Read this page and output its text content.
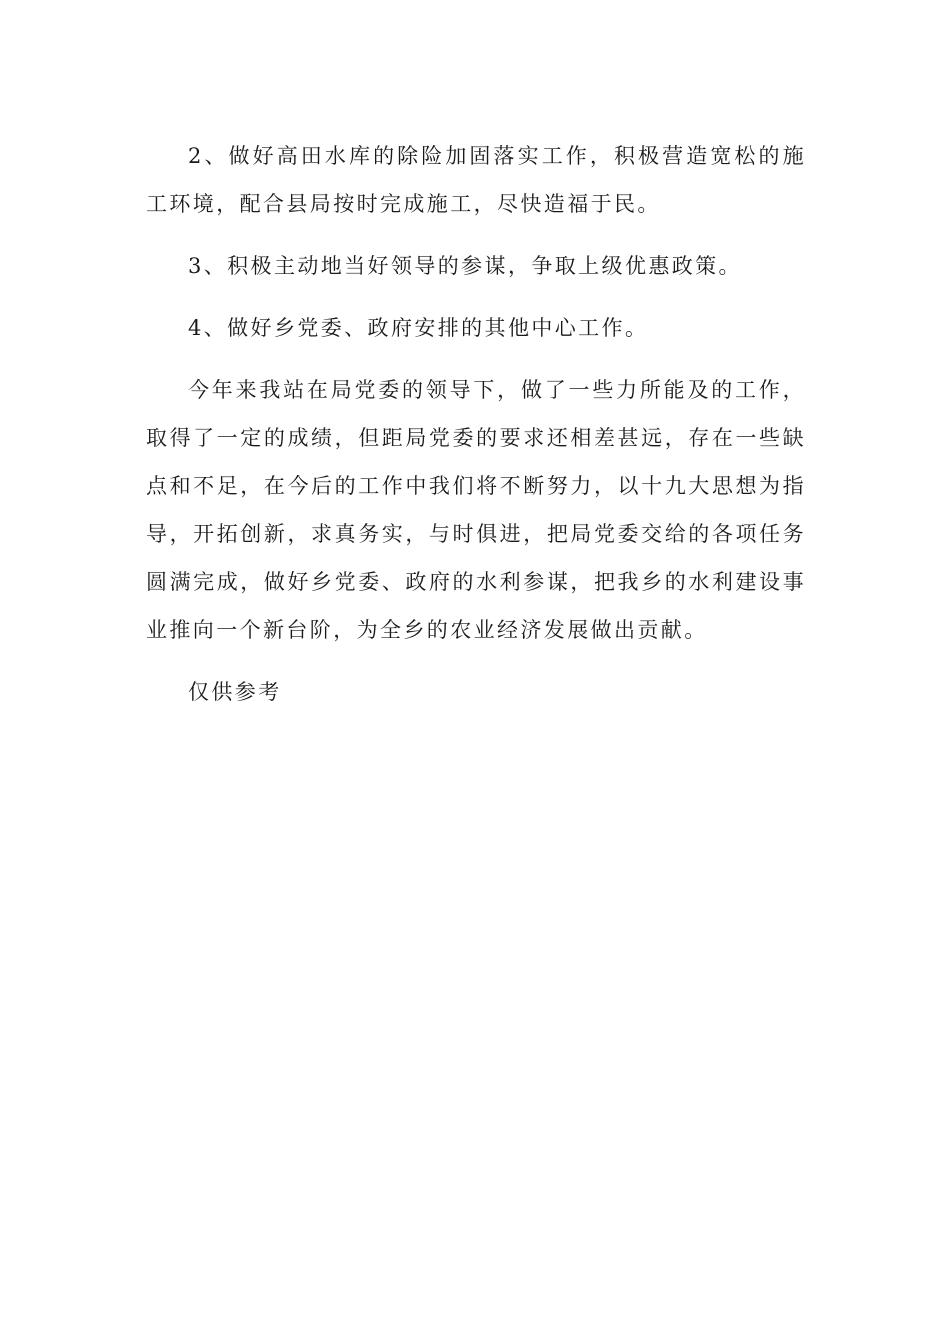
2、做好高田水库的除险加固落实工作，积极营造宽松的施工环境，配合县局按时完成施工，尽快造福于民。

3、积极主动地当好领导的参谋，争取上级优惠政策。

4、做好乡党委、政府安排的其他中心工作。

今年来我站在局党委的领导下，做了一些力所能及的工作，取得了一定的成绩，但距局党委的要求还相差甚远，存在一些缺点和不足，在今后的工作中我们将不断努力，以十九大思想为指导，开拓创新，求真务实，与时俱进，把局党委交给的各项任务圆满完成，做好乡党委、政府的水利参谋，把我乡的水利建设事业推向一个新台阶，为全乡的农业经济发展做出贡献。

仅供参考
